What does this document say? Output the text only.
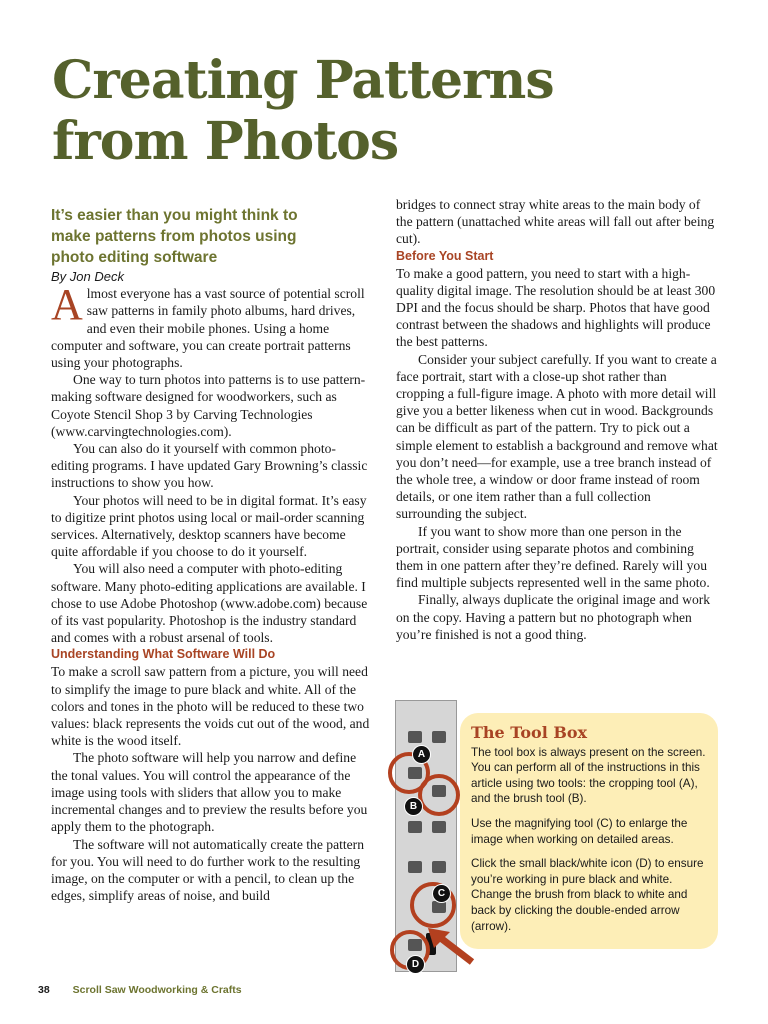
Creating Patterns
from Photos

It’s easier than you might think to make patterns from photos using photo editing software

By Jon Deck

Almost everyone has a vast source of potential scroll saw patterns in family photo albums, hard drives, and even their mobile phones. Using a home computer and software, you can create portrait patterns using your photographs.

One way to turn photos into patterns is to use pattern-making software designed for woodworkers, such as Coyote Stencil Shop 3 by Carving Technologies (www.carvingtechnologies.com).

You can also do it yourself with common photo-editing programs. I have updated Gary Browning’s classic instructions to show you how.

Your photos will need to be in digital format. It’s easy to digitize print photos using local or mail-order scanning services. Alternatively, desktop scanners have become quite affordable if you choose to do it yourself.

You will also need a computer with photo-editing software. Many photo-editing applications are available. I chose to use Adobe Photoshop (www.adobe.com) because of its vast popularity. Photoshop is the industry standard and comes with a robust arsenal of tools.

Understanding What Software Will Do

To make a scroll saw pattern from a picture, you will need to simplify the image to pure black and white. All of the colors and tones in the photo will be reduced to these two values: black represents the voids cut out of the wood, and white is the wood itself.

The photo software will help you narrow and define the tonal values. You will control the appearance of the image using tools with sliders that allow you to make incremental changes and to preview the results before you apply them to the photograph.

The software will not automatically create the pattern for you. You will need to do further work to the resulting image, on the computer or with a pencil, to clean up the edges, simplify areas of noise, and build

bridges to connect stray white areas to the main body of the pattern (unattached white areas will fall out after being cut).

Before You Start

To make a good pattern, you need to start with a high-quality digital image. The resolution should be at least 300 DPI and the focus should be sharp. Photos that have good contrast between the shadows and highlights will produce the best patterns.

Consider your subject carefully. If you want to create a face portrait, start with a close-up shot rather than cropping a full-figure image. A photo with more detail will give you a better likeness when cut in wood. Backgrounds can be difficult as part of the pattern. Try to pick out a simple element to establish a background and remove what you don’t need—for example, use a tree branch instead of the whole tree, a window or door frame instead of room details, or one item rather than a full collection surrounding the subject.

If you want to show more than one person in the portrait, consider using separate photos and combining them in one pattern after they’re defined. Rarely will you find multiple subjects represented well in the same photo.

Finally, always duplicate the original image and work on the copy. Having a pattern but no photograph when you’re finished is not a good thing.

A
B
C
D
The Tool Box

The tool box is always present on the screen. You can perform all of the instructions in this article using two tools: the cropping tool (A), and the brush tool (B).

Use the magnifying tool (C) to enlarge the image when working on detailed areas.

Click the small black/white icon (D) to ensure you’re working in pure black and white. Change the brush from black to white and back by clicking the double-ended arrow (arrow).

38 Scroll Saw Woodworking & Crafts
